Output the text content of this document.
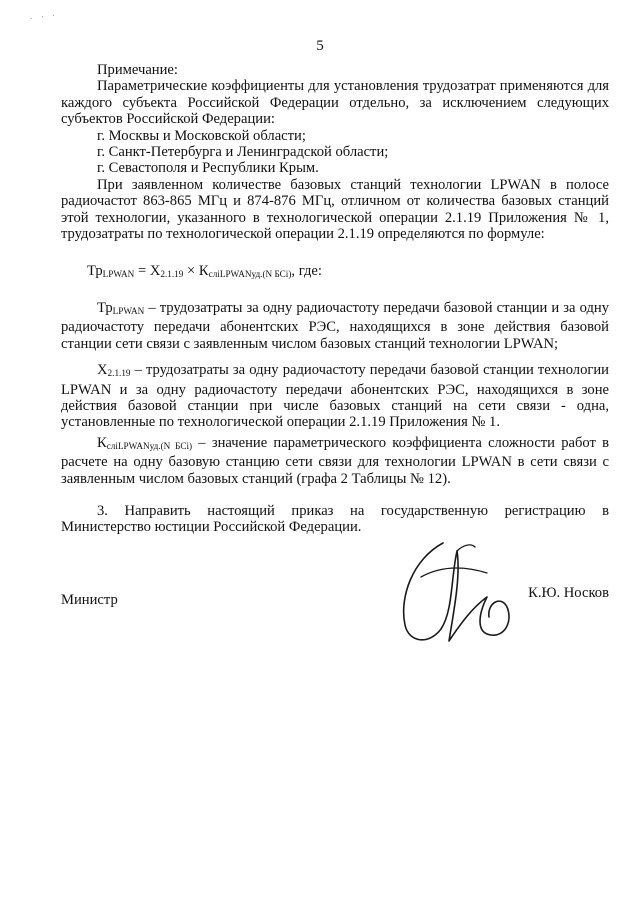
˙ ˙ ˙
5

Примечание:

Параметрические коэффициенты для установления трудозатрат применяются для каждого субъекта Российской Федерации отдельно, за исключением следующих субъектов Российской Федерации:

г. Москвы и Московской области;

г. Санкт-Петербурга и Ленинградской области;

г. Севастополя и Республики Крым.

При заявленном количестве базовых станций технологии LPWAN в полосе радиочастот 863-865 МГц и 874-876 МГц, отличном от количества базовых станций этой технологии, указанного в технологической операции 2.1.19 Приложения № 1, трудозатраты по технологической операции 2.1.19 определяются по формуле:

$Тр_{LPWAN} = Х_{2.1.19} \times К_{сліLPWANуд.(N БСі)}$, где:

$Тр_{LPWAN}$ – трудозатраты за одну радиочастоту передачи базовой станции и за одну радиочастоту передачи абонентских РЭС, находящихся в зоне действия базовой станции сети связи с заявленным числом базовых станций технологии LPWAN;

$Х_{2.1.19}$ – трудозатраты за одну радиочастоту передачи базовой станции технологии LPWAN и за одну радиочастоту передачи абонентских РЭС, находящихся в зоне действия базовой станции при числе базовых станций на сети связи - одна, установленные по технологической операции 2.1.19 Приложения № 1.

$К_{сліLPWANуд.(N БСі)}$ – значение параметрического коэффициента сложности работ в расчете на одну базовую станцию сети связи для технологии LPWAN в сети связи с заявленным числом базовых станций (графа 2 Таблицы № 12).

3. Направить настоящий приказ на государственную регистрацию в Министерство юстиции Российской Федерации.

Министр	К.Ю. Носков
